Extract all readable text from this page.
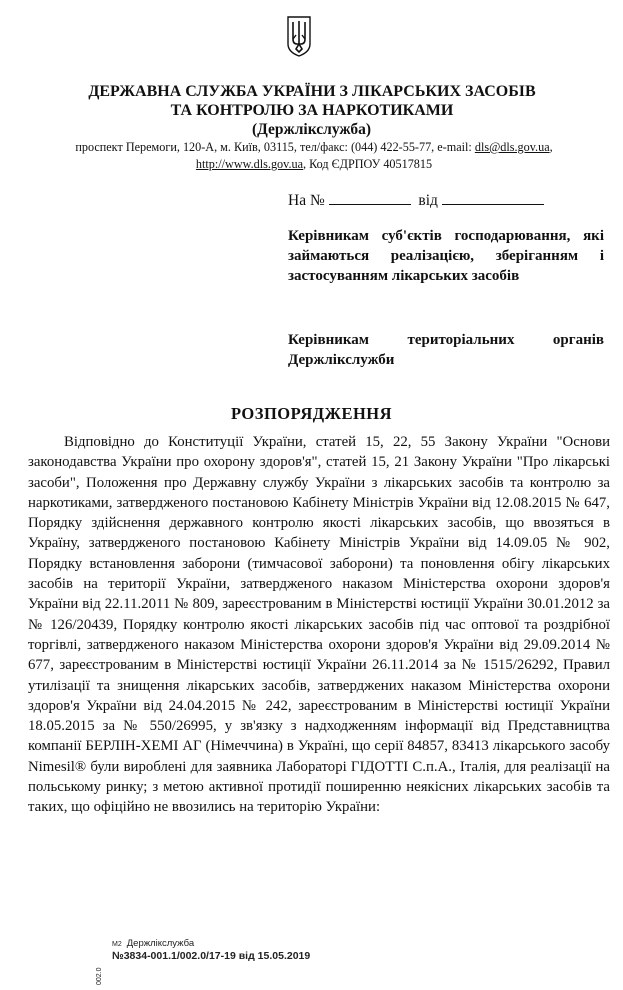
ДЕРЖАВНА СЛУЖБА УКРАЇНИ З ЛІКАРСЬКИХ ЗАСОБІВ
ТА КОНТРОЛЮ ЗА НАРКОТИКАМИ
(Держлікслужба)
проспект Перемоги, 120-А, м. Київ, 03115, тел/факс: (044) 422-55-77, e-mail: dls@dls.gov.ua,
http://www.dls.gov.ua, Код ЄДРПОУ 40517815
На №	від
Керівникам суб'єктів господарювання, які займаються реалізацією, зберіганням і застосуванням лікарських засобів
Керівникам територіальних органів Держлікслужби
РОЗПОРЯДЖЕННЯ

Відповідно до Конституції України, статей 15, 22, 55 Закону України "Основи законодавства України про охорону здоров'я", статей 15, 21 Закону України "Про лікарські засоби", Положення про Державну службу України з лікарських засобів та контролю за наркотиками, затвердженого постановою Кабінету Міністрів України від 12.08.2015 № 647, Порядку здійснення державного контролю якості лікарських засобів, що ввозяться в Україну, затвердженого постановою Кабінету Міністрів України від 14.09.05 № 902, Порядку встановлення заборони (тимчасової заборони) та поновлення обігу лікарських засобів на території України, затвердженого наказом Міністерства охорони здоров'я України від 22.11.2011 № 809, зареєстрованим в Міністерстві юстиції України 30.01.2012 за № 126/20439, Порядку контролю якості лікарських засобів під час оптової та роздрібної торгівлі, затвердженого наказом Міністерства охорони здоров'я України від 29.09.2014 № 677, зареєстрованим в Міністерстві юстиції України 26.11.2014 за № 1515/26292, Правил утилізації та знищення лікарських засобів, затверджених наказом Міністерства охорони здоров'я України від 24.04.2015 № 242, зареєстрованим в Міністерстві юстиції України 18.05.2015 за № 550/26995, у зв'язку з надходженням інформації від Представництва компанії БЕРЛІН-ХЕМІ АГ (Німеччина) в Україні, що серії 84857, 83413 лікарського засобу Nimesil® були вироблені для заявника Лабораторі ГІДОТТІ С.п.А., Італія, для реалізації на польському ринку; з метою активної протидії поширенню неякісних лікарських засобів та таких, що офіційно не ввозились на територію України:

М2 Держлікслужба
№3834-001.1/002.0/17-19 від 15.05.2019
002.0
